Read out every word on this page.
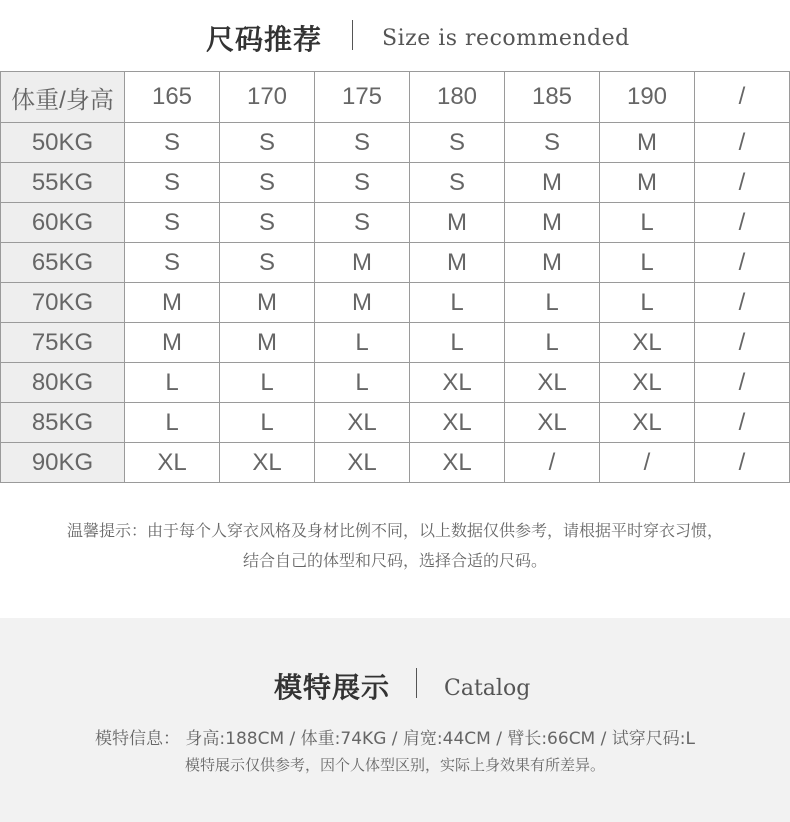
尺码推荐	Size is recommended
体重/身高	165	170	175	180	185	190	/
50KG	S	S	S	S	S	M	/
55KG	S	S	S	S	M	M	/
60KG	S	S	S	M	M	L	/
65KG	S	S	M	M	M	L	/
70KG	M	M	M	L	L	L	/
75KG	M	M	L	L	L	XL	/
80KG	L	L	L	XL	XL	XL	/
85KG	L	L	XL	XL	XL	XL	/
90KG	XL	XL	XL	XL	/	/	/
温馨提示：由于每个人穿衣风格及身材比例不同，以上数据仅供参考，请根据平时穿衣习惯，
结合自己的体型和尺码，选择合适的尺码。
模特展示 Catalog
模特信息： 身高:188CM / 体重:74KG / 肩宽:44CM / 臂长:66CM / 试穿尺码:L
模特展示仅供参考，因个人体型区别，实际上身效果有所差异。
